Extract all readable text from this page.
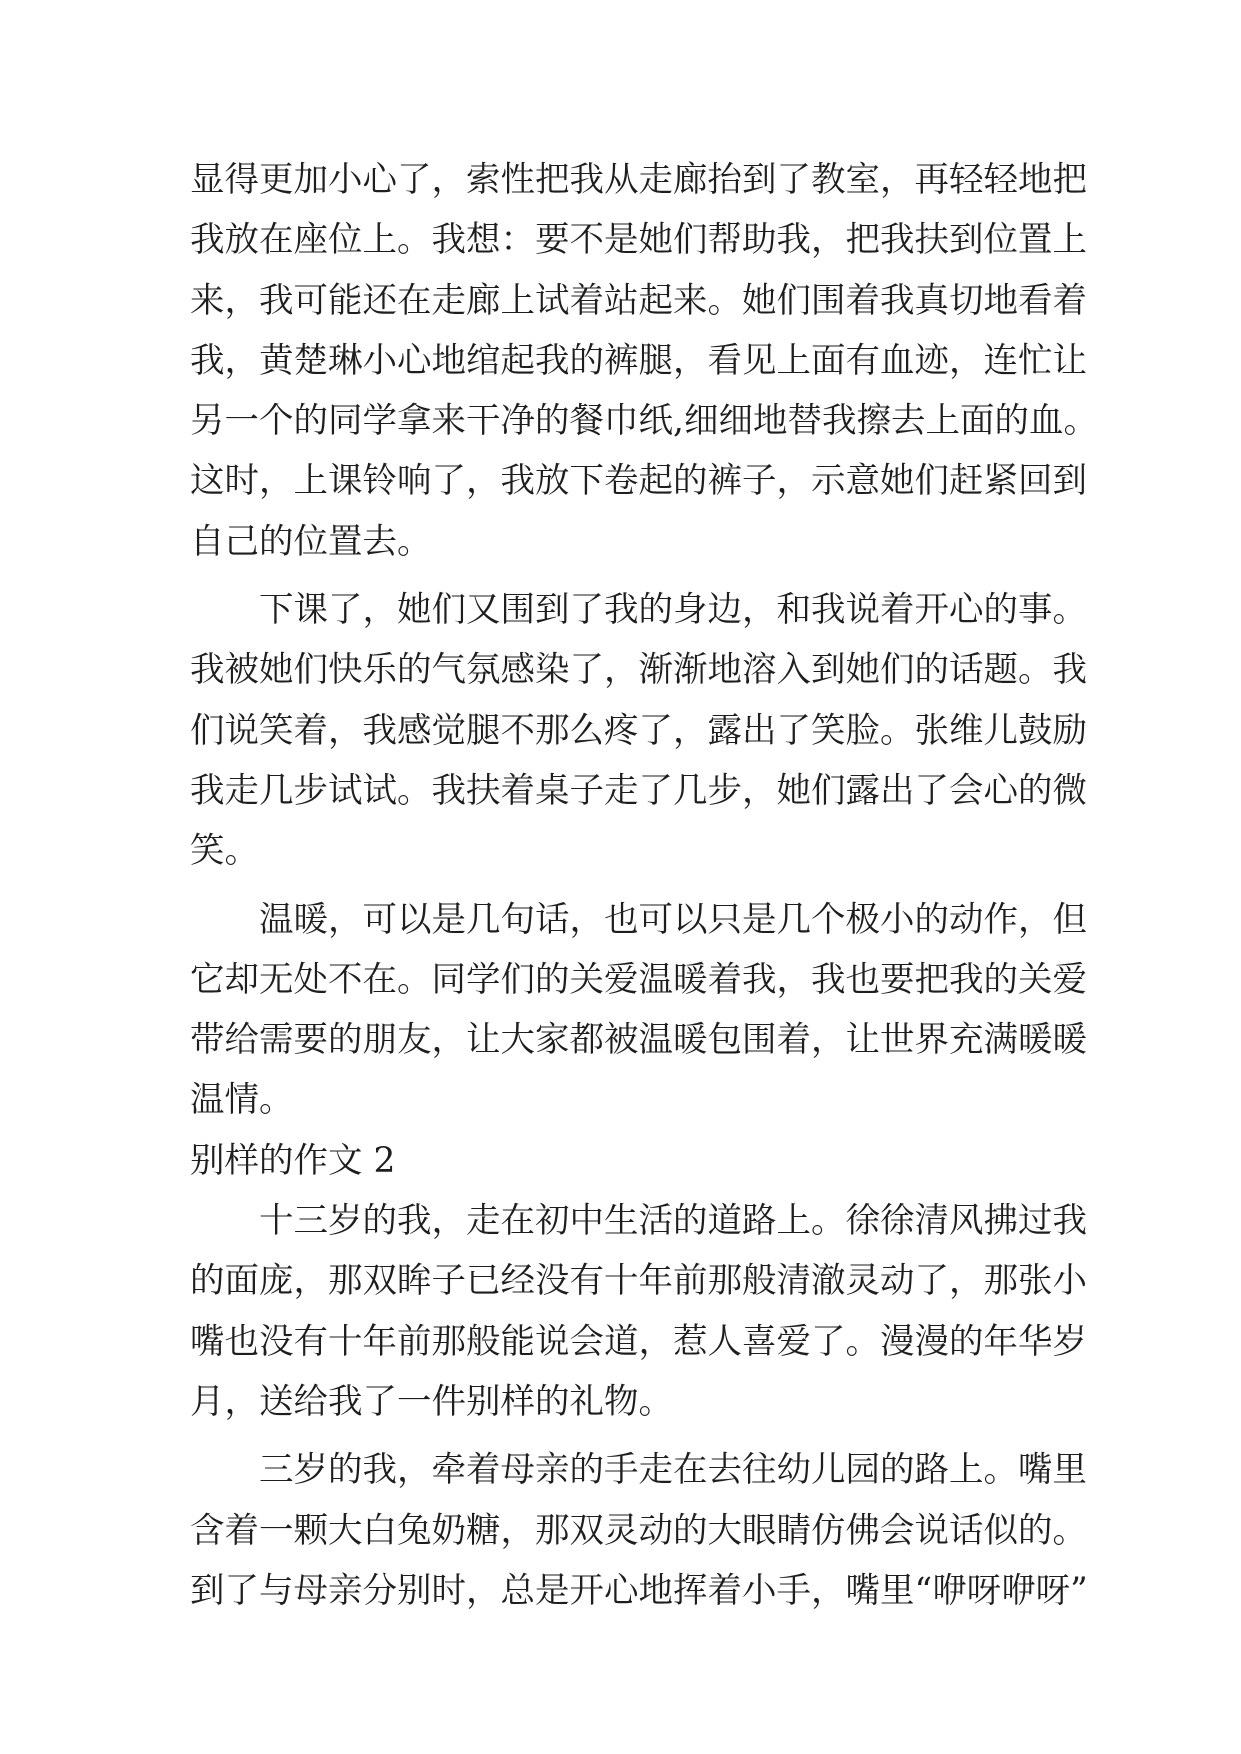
显得更加小心了，索性把我从走廊抬到了教室，再轻轻地把
我放在座位上。我想：要不是她们帮助我，把我扶到位置上
来，我可能还在走廊上试着站起来。她们围着我真切地看着
我，黄楚琳小心地绾起我的裤腿，看见上面有血迹，连忙让
另一个的同学拿来干净的餐巾纸,细细地替我擦去上面的血。
这时，上课铃响了，我放下卷起的裤子，示意她们赶紧回到
自己的位置去。
下课了，她们又围到了我的身边，和我说着开心的事。
我被她们快乐的气氛感染了，渐渐地溶入到她们的话题。我
们说笑着，我感觉腿不那么疼了，露出了笑脸。张维儿鼓励
我走几步试试。我扶着桌子走了几步，她们露出了会心的微
笑。
温暖，可以是几句话，也可以只是几个极小的动作，但
它却无处不在。同学们的关爱温暖着我，我也要把我的关爱
带给需要的朋友，让大家都被温暖包围着，让世界充满暖暖
温情。
别样的作文 2
十三岁的我，走在初中生活的道路上。徐徐清风拂过我
的面庞，那双眸子已经没有十年前那般清澈灵动了，那张小
嘴也没有十年前那般能说会道，惹人喜爱了。漫漫的年华岁
月，送给我了一件别样的礼物。
三岁的我，牵着母亲的手走在去往幼儿园的路上。嘴里
含着一颗大白兔奶糖，那双灵动的大眼睛仿佛会说话似的。
到了与母亲分别时，总是开心地挥着小手，嘴里“咿呀咿呀”
